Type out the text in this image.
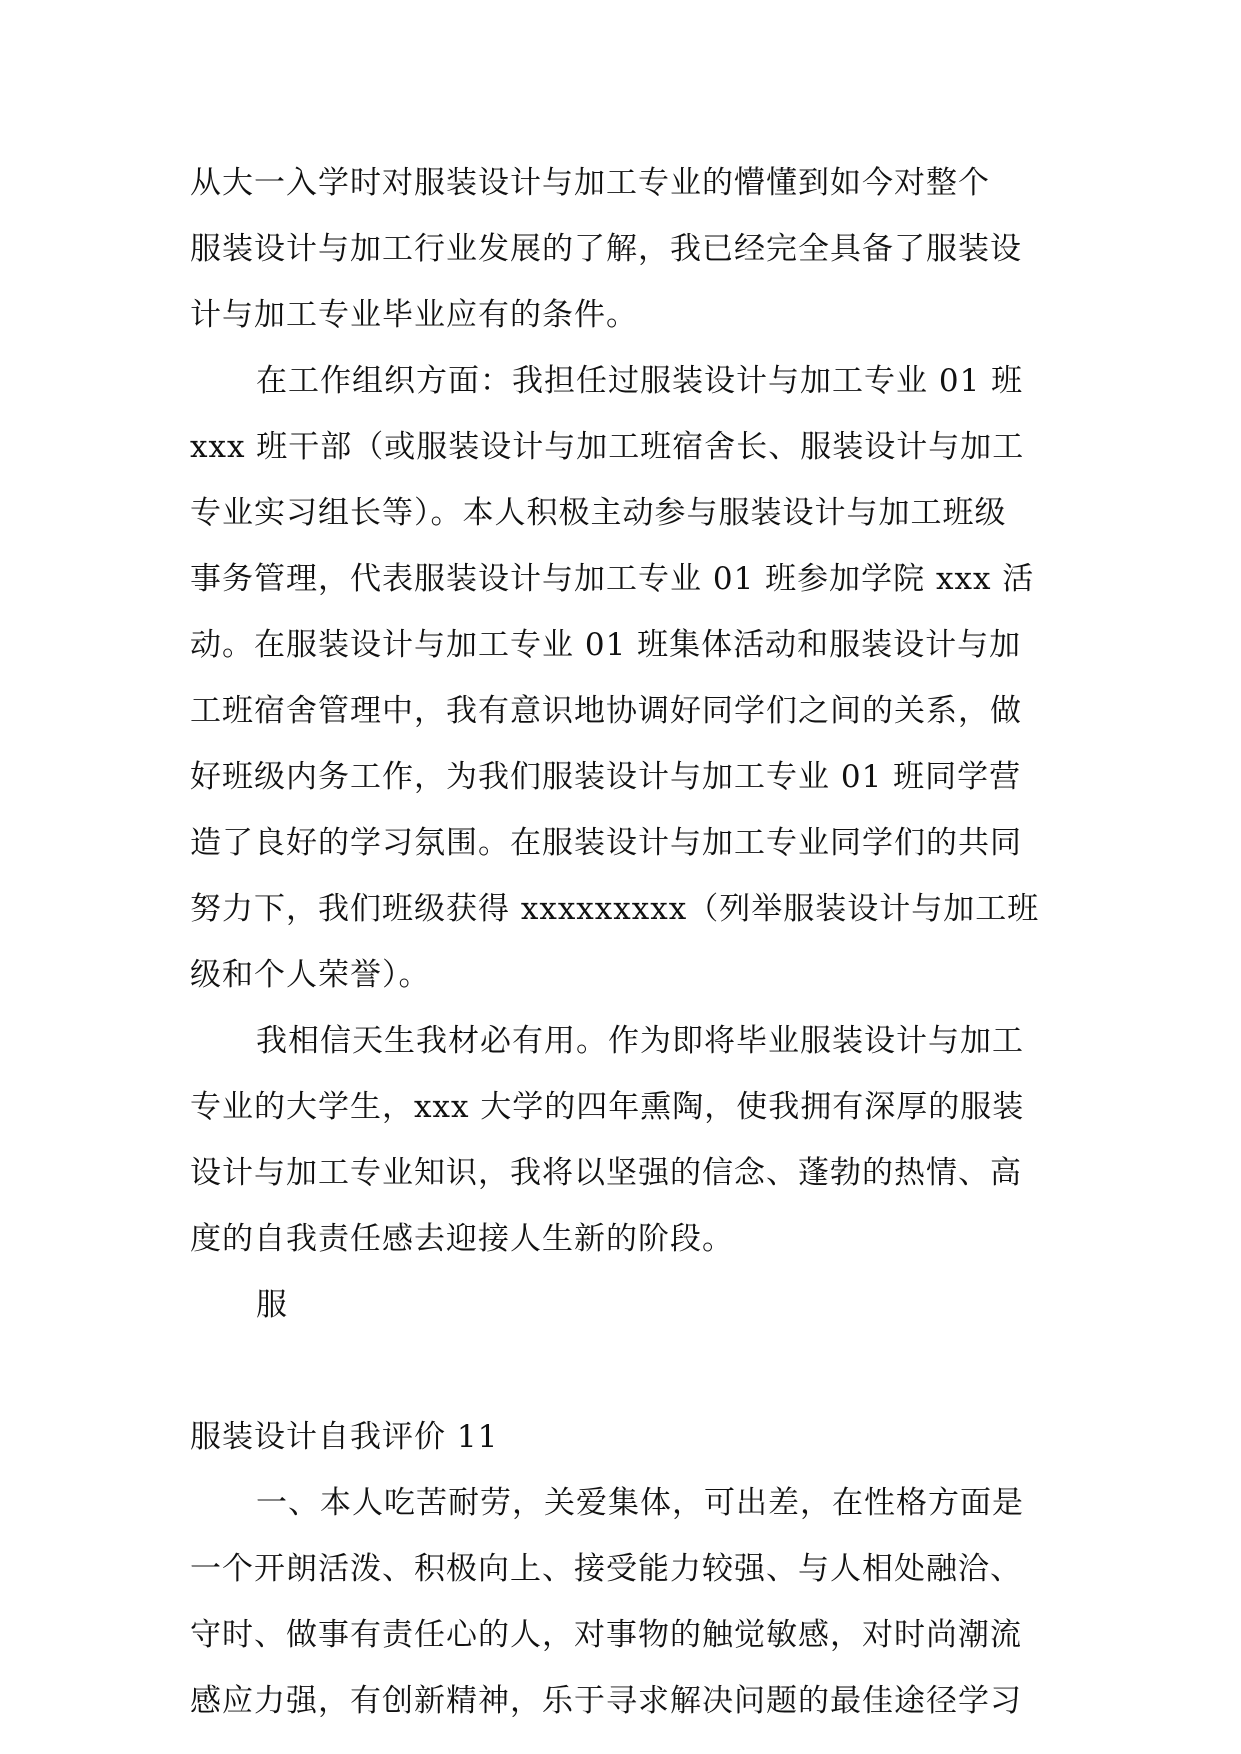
从大一入学时对服装设计与加工专业的懵懂到如今对整个
服装设计与加工行业发展的了解，我已经完全具备了服装设
计与加工专业毕业应有的条件。
在工作组织方面：我担任过服装设计与加工专业 01 班
xxx 班干部（或服装设计与加工班宿舍长、服装设计与加工
专业实习组长等）。本人积极主动参与服装设计与加工班级
事务管理，代表服装设计与加工专业 01 班参加学院 xxx 活
动。在服装设计与加工专业 01 班集体活动和服装设计与加
工班宿舍管理中，我有意识地协调好同学们之间的关系，做
好班级内务工作，为我们服装设计与加工专业 01 班同学营
造了良好的学习氛围。在服装设计与加工专业同学们的共同
努力下，我们班级获得 xxxxxxxxx（列举服装设计与加工班
级和个人荣誉）。
我相信天生我材必有用。作为即将毕业服装设计与加工
专业的大学生，xxx 大学的四年熏陶，使我拥有深厚的服装
设计与加工专业知识，我将以坚强的信念、蓬勃的热情、高
度的自我责任感去迎接人生新的阶段。
服
服装设计自我评价 11
一、本人吃苦耐劳，关爱集体，可出差，在性格方面是
一个开朗活泼、积极向上、接受能力较强、与人相处融洽、
守时、做事有责任心的人，对事物的触觉敏感，对时尚潮流
感应力强，有创新精神，乐于寻求解决问题的最佳途径学习
